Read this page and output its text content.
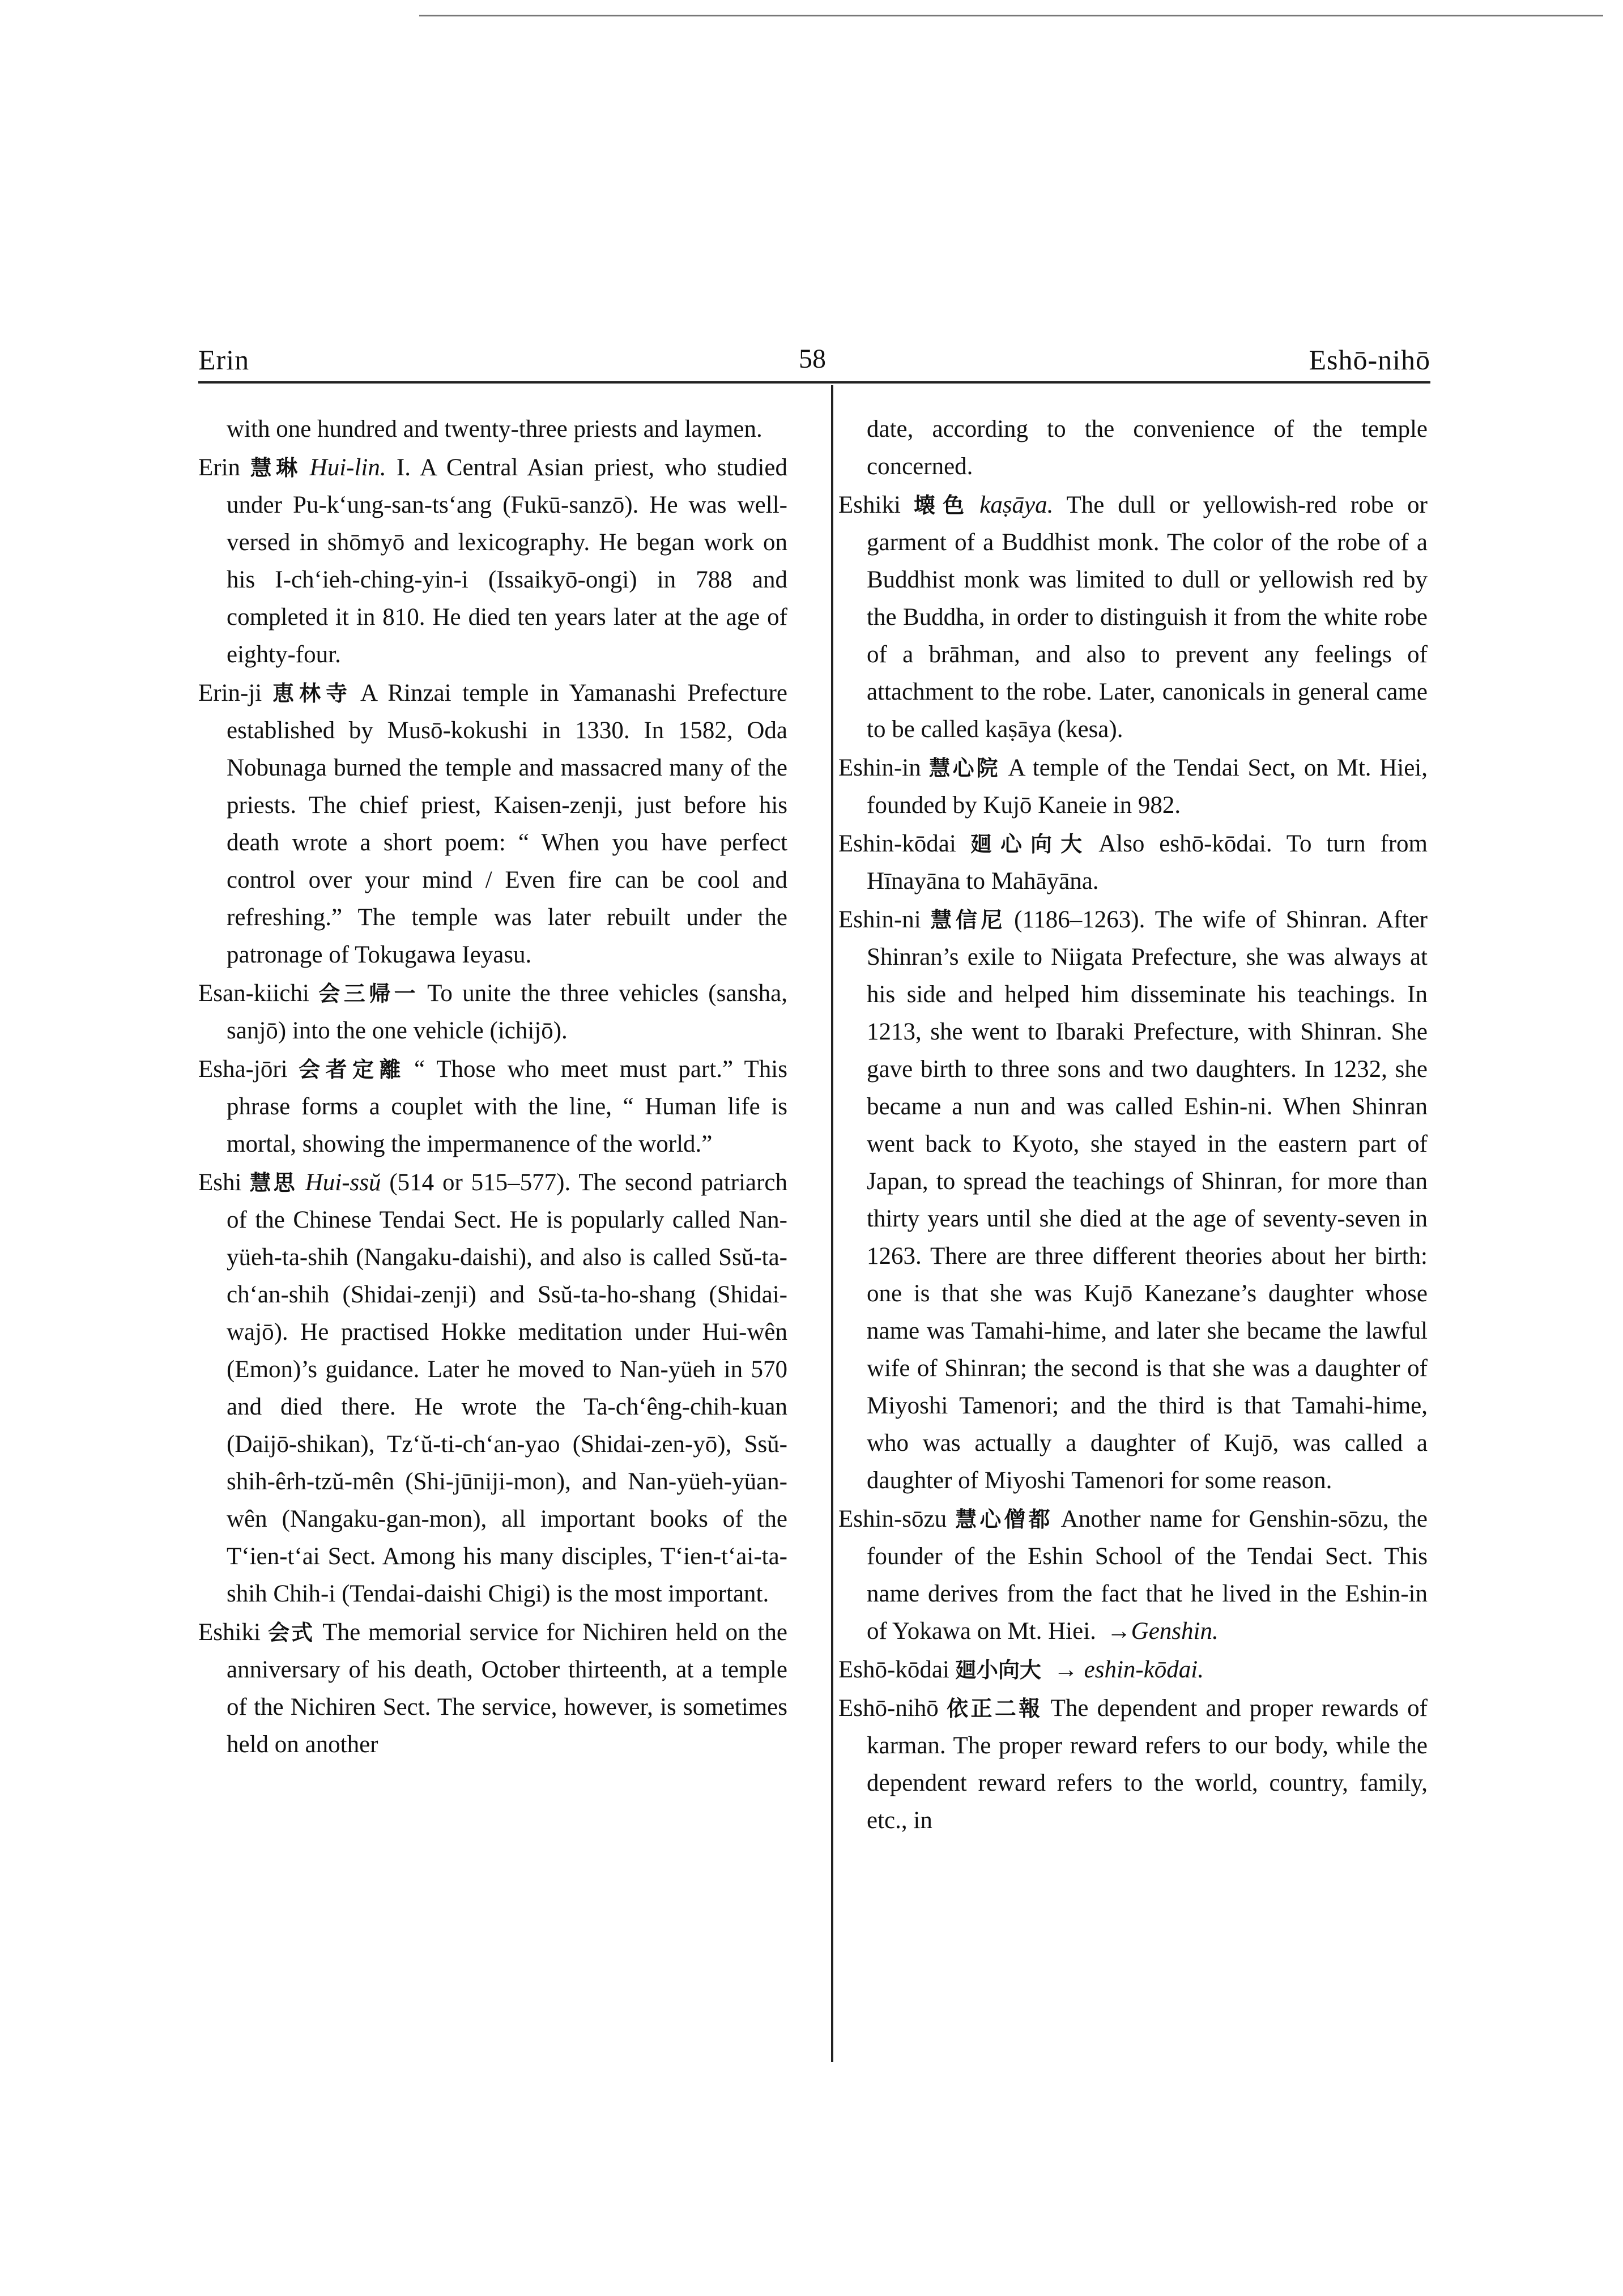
Erin	58	Eshō-nihō
with one hundred and twenty-three priests and laymen.
Erin 慧琳 Hui-lin. I. A Central Asian priest, who studied under Pu-kʻung-san-tsʻang (Fukū-sanzō). He was well-versed in shōmyō and lexicography. He began work on his I-chʻieh-ching-yin-i (Issaikyō-ongi) in 788 and completed it in 810. He died ten years later at the age of eighty-four.
Erin-ji 恵林寺 A Rinzai temple in Yamanashi Prefecture established by Musō-kokushi in 1330. In 1582, Oda Nobunaga burned the temple and massacred many of the priests. The chief priest, Kaisen-zenji, just before his death wrote a short poem: “ When you have perfect control over your mind / Even fire can be cool and refreshing.” The temple was later rebuilt under the patronage of Tokugawa Ieyasu.
Esan-kiichi 会三帰一 To unite the three vehicles (sansha, sanjō) into the one vehicle (ichijō).
Esha-jōri 会者定離 “ Those who meet must part.” This phrase forms a couplet with the line, “ Human life is mortal, showing the impermanence of the world.”
Eshi 慧思 Hui-ssŭ (514 or 515–577). The second patriarch of the Chinese Tendai Sect. He is popularly called Nan-yüeh-ta-shih (Nangaku-daishi), and also is called Ssŭ-ta-chʻan-shih (Shidai-zenji) and Ssŭ-ta-ho-shang (Shidai-wajō). He practised Hokke meditation under Hui-wên (Emon)’s guidance. Later he moved to Nan-yüeh in 570 and died there. He wrote the Ta-chʻêng-chih-kuan (Daijō-shikan), Tzʻŭ-ti-chʻan-yao (Shidai-zen-yō), Ssŭ-shih-êrh-tzŭ-mên (Shi-jūniji-mon), and Nan-yüeh-yüan-wên (Nangaku-gan-mon), all important books of the Tʻien-tʻai Sect. Among his many disciples, Tʻien-tʻai-ta-shih Chih-i (Tendai-daishi Chigi) is the most important.
Eshiki 会式 The memorial service for Nichiren held on the anniversary of his death, October thirteenth, at a temple of the Nichiren Sect. The service, however, is sometimes held on another
date, according to the convenience of the temple concerned.
Eshiki 壊色 kaṣāya. The dull or yellowish-red robe or garment of a Buddhist monk. The color of the robe of a Buddhist monk was limited to dull or yellowish red by the Buddha, in order to distinguish it from the white robe of a brāhman, and also to prevent any feelings of attachment to the robe. Later, canonicals in general came to be called kaṣāya (kesa).
Eshin-in 慧心院 A temple of the Tendai Sect, on Mt. Hiei, founded by Kujō Kaneie in 982.
Eshin-kōdai 廻心向大 Also eshō-kōdai. To turn from Hīnayāna to Mahāyāna.
Eshin-ni 慧信尼 (1186–1263). The wife of Shinran. After Shinran’s exile to Niigata Prefecture, she was always at his side and helped him disseminate his teachings. In 1213, she went to Ibaraki Prefecture, with Shinran. She gave birth to three sons and two daughters. In 1232, she became a nun and was called Eshin-ni. When Shinran went back to Kyoto, she stayed in the eastern part of Japan, to spread the teachings of Shinran, for more than thirty years until she died at the age of seventy-seven in 1263. There are three different theories about her birth: one is that she was Kujō Kanezane’s daughter whose name was Tamahi-hime, and later she became the lawful wife of Shinran; the second is that she was a daughter of Miyoshi Tamenori; and the third is that Tamahi-hime, who was actually a daughter of Kujō, was called a daughter of Miyoshi Tamenori for some reason.
Eshin-sōzu 慧心僧都 Another name for Genshin-sōzu, the founder of the Eshin School of the Tendai Sect. This name derives from the fact that he lived in the Eshin-in of Yokawa on Mt. Hiei. →Genshin.
Eshō-kōdai 廻小向大 → eshin-kōdai.
Eshō-nihō 依正二報 The dependent and proper rewards of karman. The proper reward refers to our body, while the dependent reward refers to the world, country, family, etc., in
